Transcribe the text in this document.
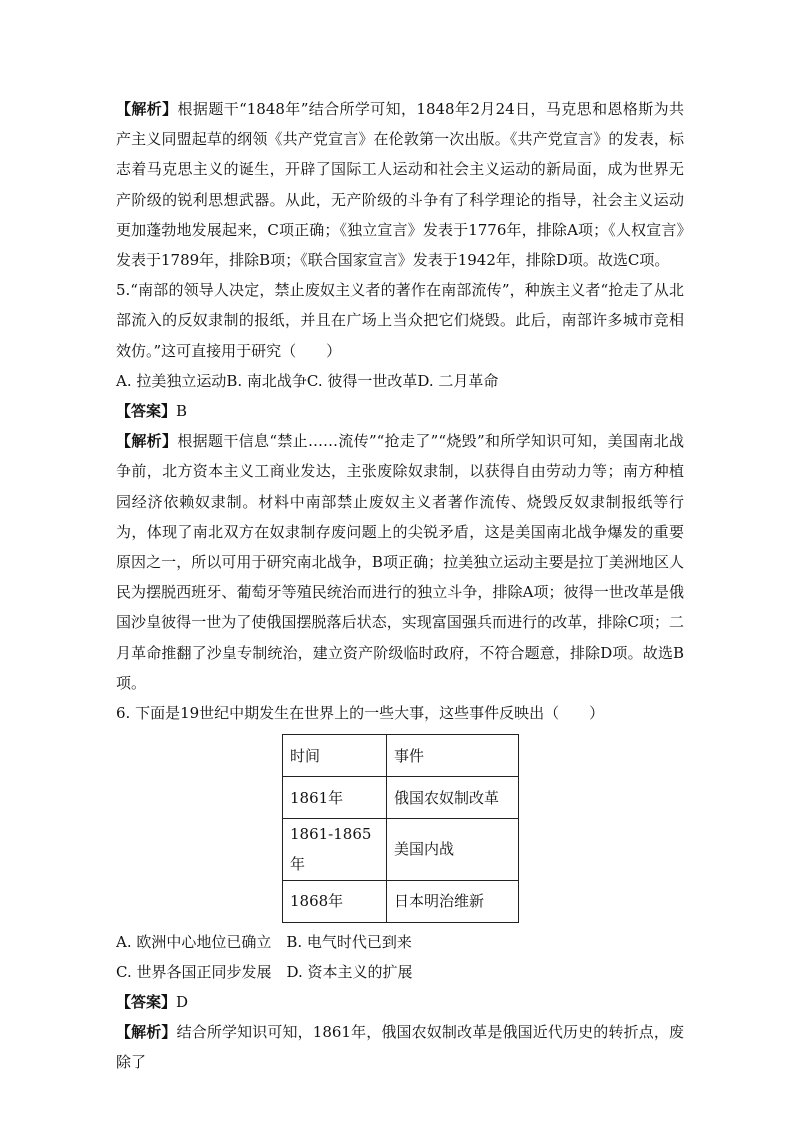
【解析】根据题干“1848年”结合所学可知，1848年2月24日，马克思和恩格斯为共产主义同盟起草的纲领《共产党宣言》在伦敦第一次出版。《共产党宣言》的发表，标志着马克思主义的诞生，开辟了国际工人运动和社会主义运动的新局面，成为世界无产阶级的锐利思想武器。从此，无产阶级的斗争有了科学理论的指导，社会主义运动更加蓬勃地发展起来，C项正确；《独立宣言》发表于1776年，排除A项；《人权宣言》发表于1789年，排除B项；《联合国家宣言》发表于1942年，排除D项。故选C项。

5.“南部的领导人决定，禁止废奴主义者的著作在南部流传”，种族主义者“抢走了从北部流入的反奴隶制的报纸，并且在广场上当众把它们烧毁。此后，南部许多城市竞相效仿。”这可直接用于研究（　　）

A. 拉美独立运动B. 南北战争C. 彼得一世改革D. 二月革命

【答案】B

【解析】根据题干信息“禁止……流传”“抢走了”“烧毁”和所学知识可知，美国南北战争前，北方资本主义工商业发达，主张废除奴隶制，以获得自由劳动力等；南方种植园经济依赖奴隶制。材料中南部禁止废奴主义者著作流传、烧毁反奴隶制报纸等行为，体现了南北双方在奴隶制存废问题上的尖锐矛盾，这是美国南北战争爆发的重要原因之一，所以可用于研究南北战争，B项正确；拉美独立运动主要是拉丁美洲地区人民为摆脱西班牙、葡萄牙等殖民统治而进行的独立斗争，排除A项；彼得一世改革是俄国沙皇彼得一世为了使俄国摆脱落后状态，实现富国强兵而进行的改革，排除C项；二月革命推翻了沙皇专制统治，建立资产阶级临时政府，不符合题意，排除D项。故选B项。

6. 下面是19世纪中期发生在世界上的一些大事，这些事件反映出（　　）

时间	事件
1861年	俄国农奴制改革
1861-1865年	美国内战
1868年	日本明治维新

A. 欧洲中心地位已确立　B. 电气时代已到来

C. 世界各国正同步发展　D. 资本主义的扩展

【答案】D

【解析】结合所学知识可知，1861年，俄国农奴制改革是俄国近代历史的转折点，废除了
